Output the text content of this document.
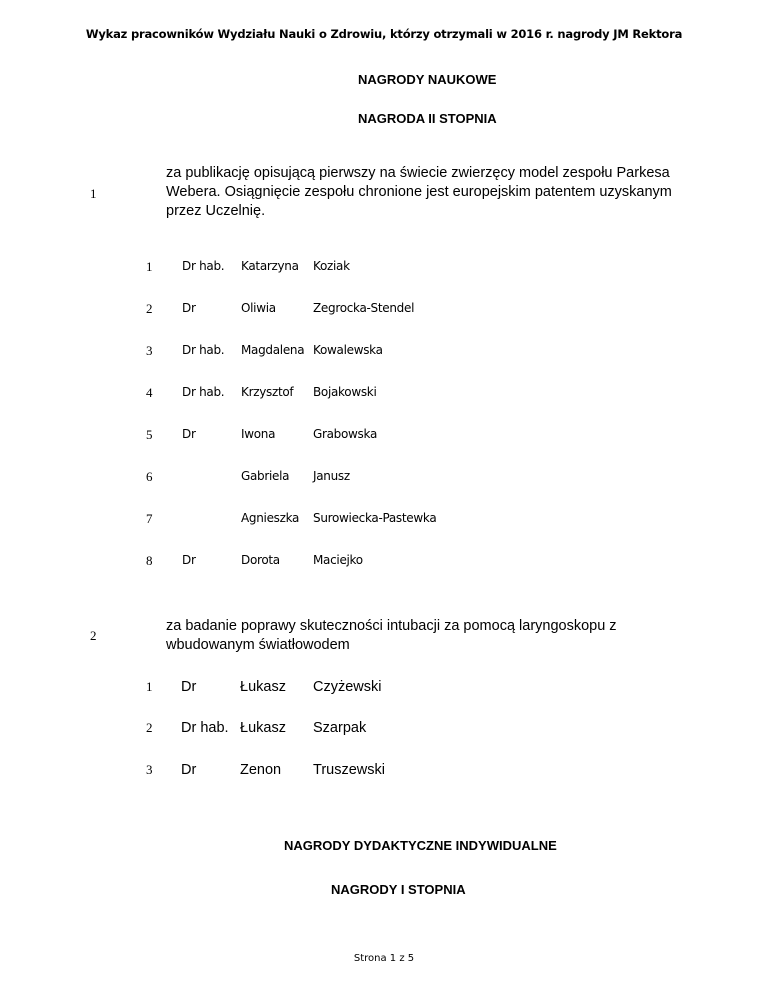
Wykaz pracowników Wydziału Nauki o Zdrowiu, którzy otrzymali w 2016 r. nagrody JM Rektora
NAGRODY NAUKOWE
NAGRODA II STOPNIA
1
za publikację opisującą pierwszy na świecie zwierzęcy model zespołu Parkesa Webera. Osiągnięcie zespołu chronione jest europejskim patentem uzyskanym przez Uczelnię.
1 Dr hab. Katarzyna Koziak
2 Dr	Oliwia	Zegrocka-Stendel
3 Dr hab. Magdalena Kowalewska
4 Dr hab. Krzysztof Bojakowski
5 Dr	Iwona	Grabowska
6	Gabriela Janusz
7	Agnieszka Surowiecka-Pastewka
8 Dr	Dorota	Maciejko
2
za badanie poprawy skuteczności intubacji za pomocą laryngoskopu z wbudowanym światłowodem
1 Dr	Łukasz Czyżewski
2 Dr hab. Łukasz Szarpak
3 Dr	Zenon Truszewski
NAGRODY DYDAKTYCZNE INDYWIDUALNE
NAGRODY I STOPNIA
Strona 1 z 5
